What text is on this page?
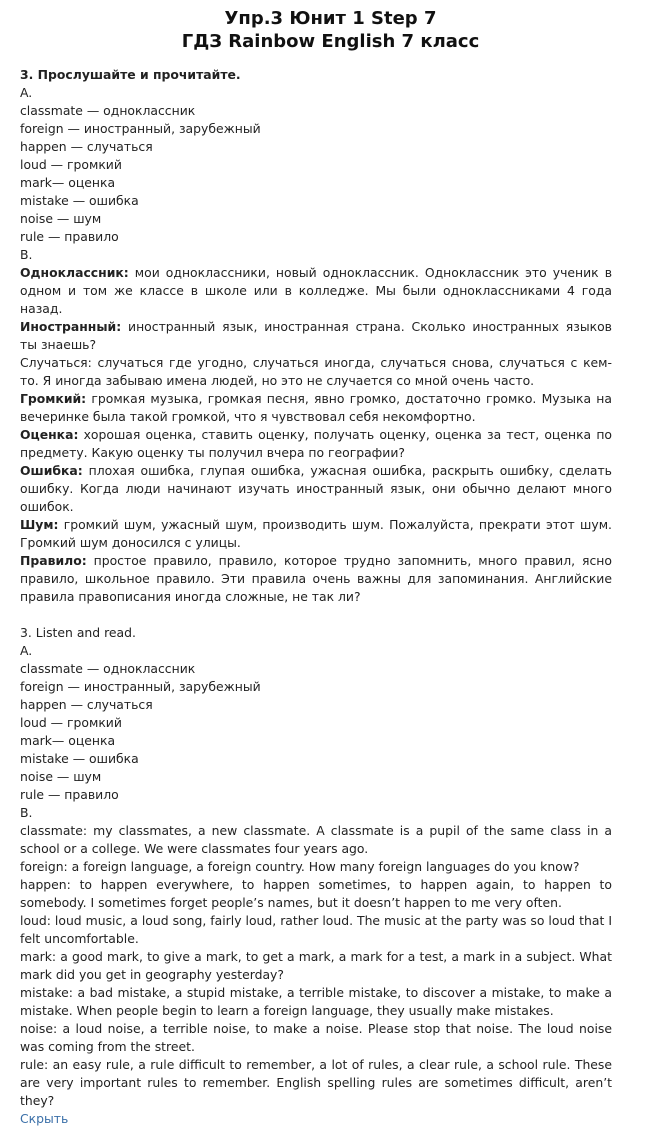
Упр.3 Юнит 1 Step 7
ГДЗ Rainbow English 7 класс
3. Прослушайте и прочитайте.
A.
classmate — одноклассник
foreign — иностранный, зарубежный
happen — случаться
loud — громкий
mark— оценка
mistake — ошибка
noise — шум
rule — правило
B.
Одноклассник: мои одноклассники, новый одноклассник. Одноклассник это ученик в одном и том же классе в школе или в колледже. Мы были одноклассниками 4 года назад.
Иностранный: иностранный язык, иностранная страна. Сколько иностранных языков ты знаешь?
Случаться: случаться где угодно, случаться иногда, случаться снова, случаться с кем-то. Я иногда забываю имена людей, но это не случается со мной очень часто.
Громкий: громкая музыка, громкая песня, явно громко, достаточно громко. Музыка на вечеринке была такой громкой, что я чувствовал себя некомфортно.
Оценка: хорошая оценка, ставить оценку, получать оценку, оценка за тест, оценка по предмету. Какую оценку ты получил вчера по географии?
Ошибка: плохая ошибка, глупая ошибка, ужасная ошибка, раскрыть ошибку, сделать ошибку. Когда люди начинают изучать иностранный язык, они обычно делают много ошибок.
Шум: громкий шум, ужасный шум, производить шум. Пожалуйста, прекрати этот шум. Громкий шум доносился с улицы.
Правило: простое правило, правило, которое трудно запомнить, много правил, ясно правило, школьное правило. Эти правила очень важны для запоминания. Английские правила правописания иногда сложные, не так ли?
3. Listen and read.
A.
classmate — одноклассник
foreign — иностранный, зарубежный
happen — случаться
loud — громкий
mark— оценка
mistake — ошибка
noise — шум
rule — правило
B.
classmate: my classmates, a new classmate. A classmate is a pupil of the same class in a school or a college. We were classmates four years ago.
foreign: a foreign language, a foreign country. How many foreign languages do you know?
happen: to happen everywhere, to happen sometimes, to happen again, to happen to somebody. I sometimes forget people’s names, but it doesn’t happen to me very often.
loud: loud music, a loud song, fairly loud, rather loud. The music at the party was so loud that I felt uncomfortable.
mark: a good mark, to give a mark, to get a mark, a mark for a test, a mark in a subject. What mark did you get in geography yesterday?
mistake: a bad mistake, a stupid mistake, a terrible mistake, to discover a mistake, to make a mistake. When people begin to learn a foreign language, they usually make mistakes.
noise: a loud noise, a terrible noise, to make a noise. Please stop that noise. The loud noise was coming from the street.
rule: an easy rule, a rule difficult to remember, a lot of rules, a clear rule, a school rule. These are very important rules to remember. English spelling rules are sometimes difficult, aren’t they?
Скрыть
